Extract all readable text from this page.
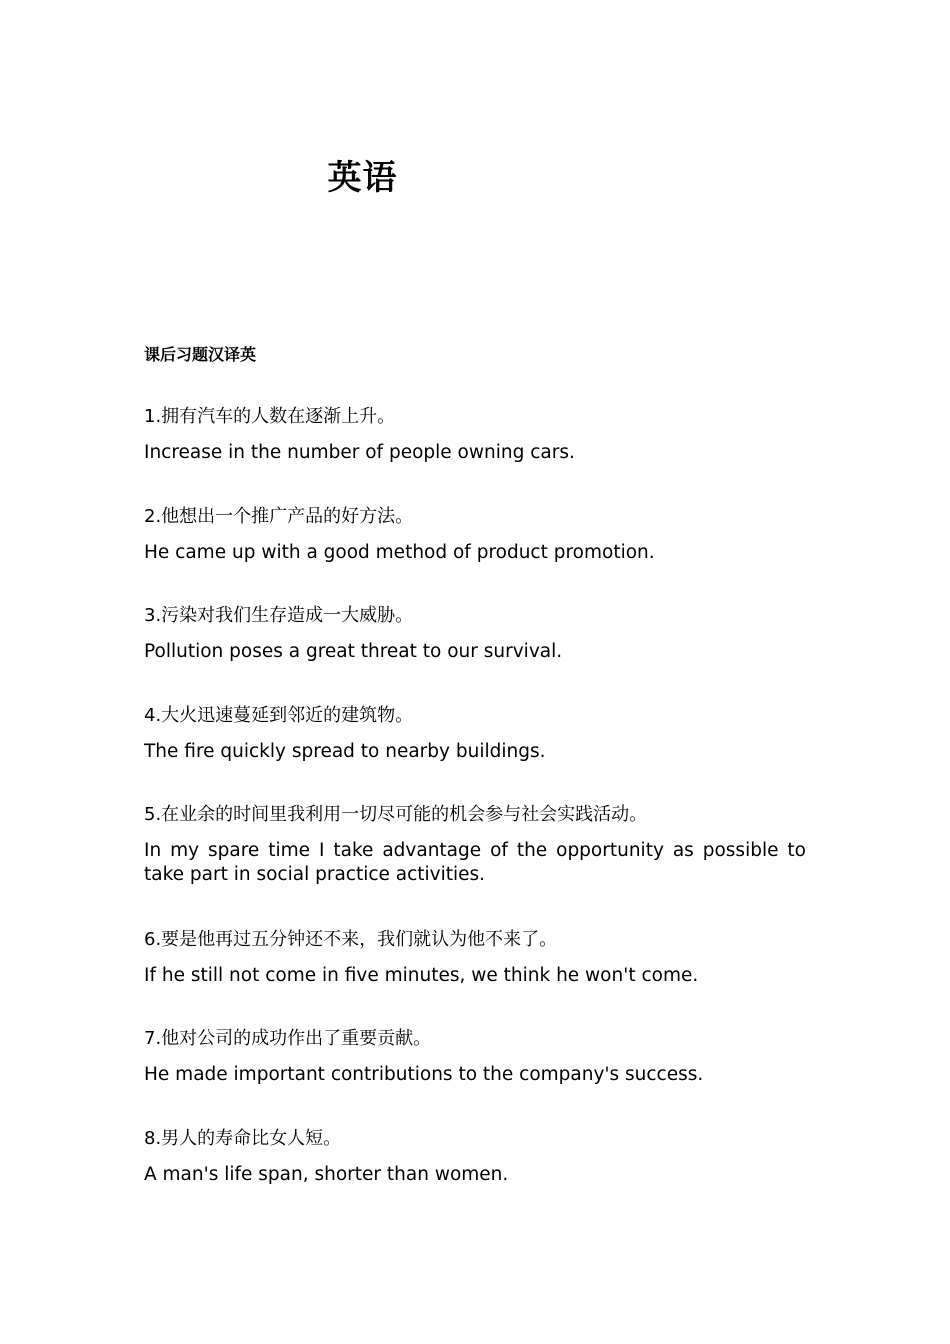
英语
课后习题汉译英
1.拥有汽车的人数在逐渐上升。
Increase in the number of people owning cars.
2.他想出一个推广产品的好方法。
He came up with a good method of product promotion.
3.污染对我们生存造成一大威胁。
Pollution poses a great threat to our survival.
4.大火迅速蔓延到邻近的建筑物。
The fire quickly spread to nearby buildings.
5.在业余的时间里我利用一切尽可能的机会参与社会实践活动。
In my spare time I take advantage of the opportunity as possible to take part in social practice activities.
6.要是他再过五分钟还不来，我们就认为他不来了。
If he still not come in five minutes, we think he won't come.
7.他对公司的成功作出了重要贡献。
He made important contributions to the company's success.
8.男人的寿命比女人短。
A man's life span, shorter than women.
